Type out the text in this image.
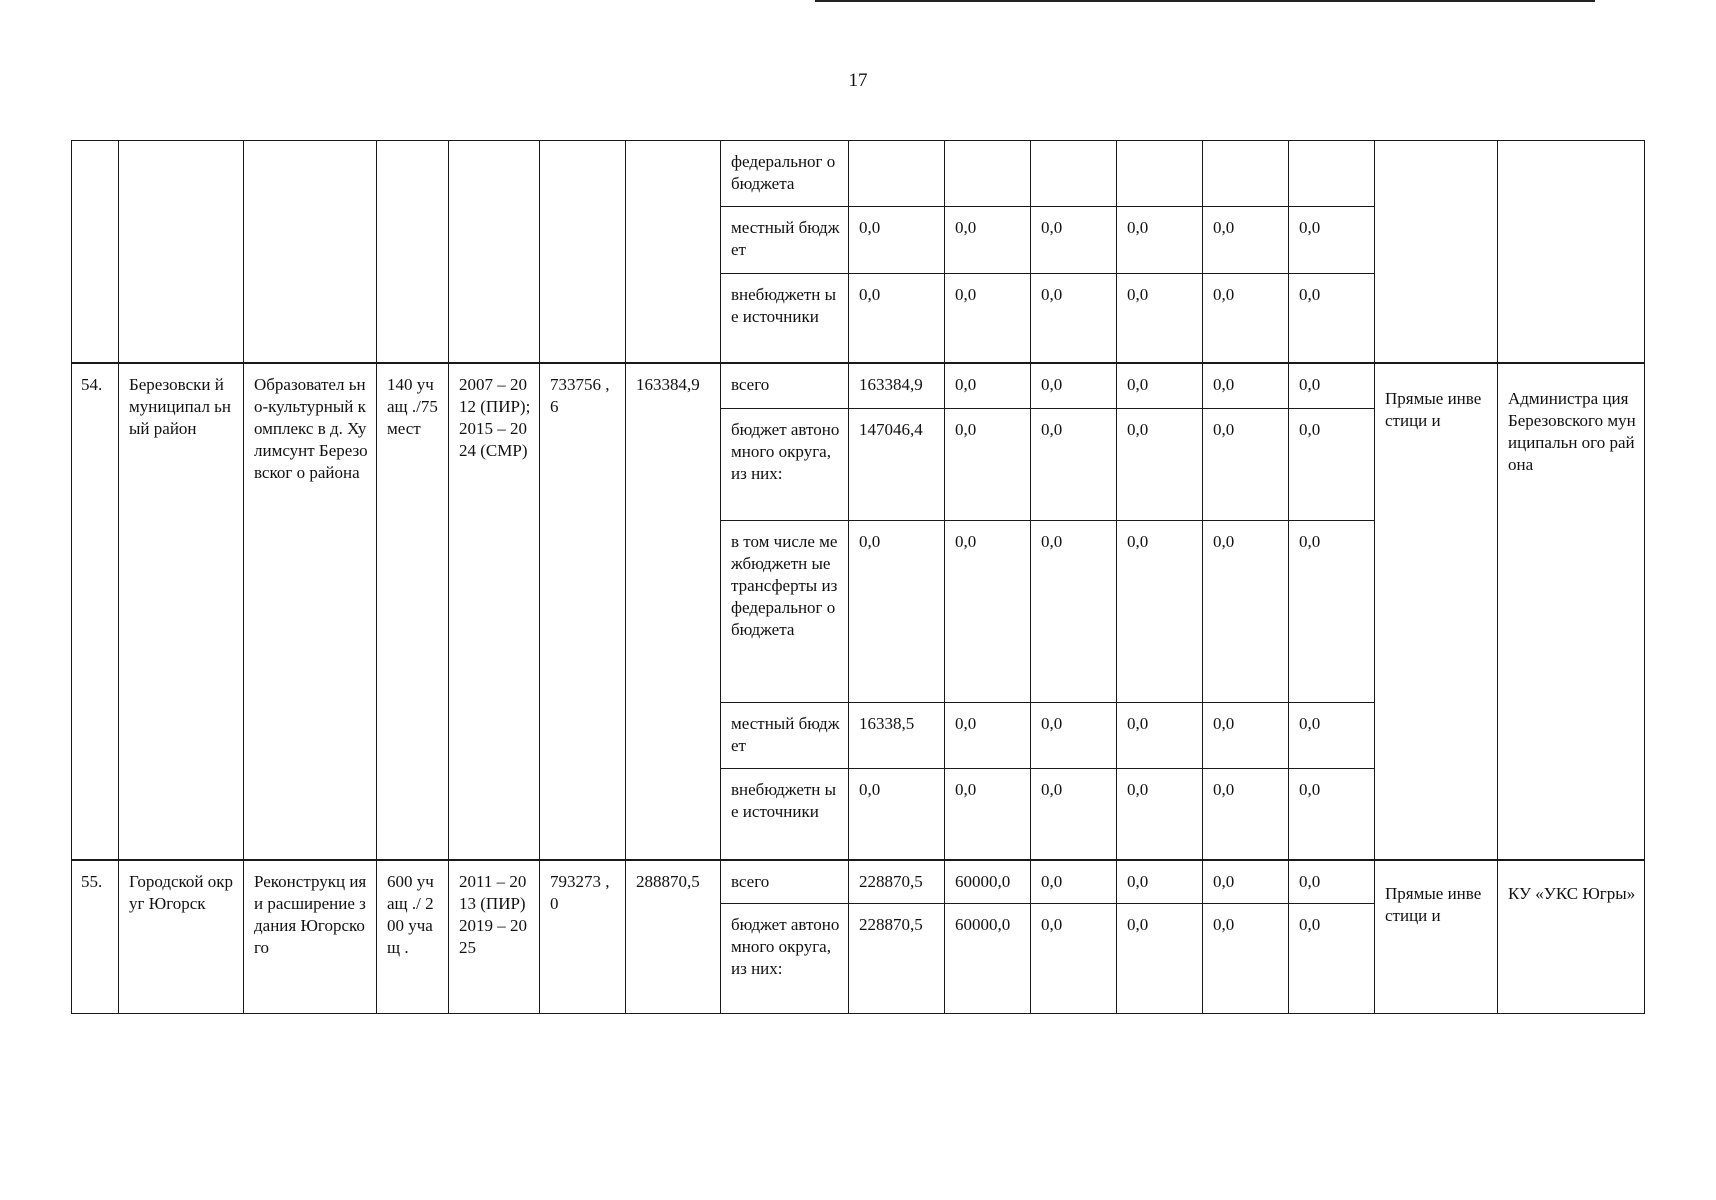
17
							федеральног о бюджета								
							местный бюджет	0,0	0,0	0,0	0,0	0,0	0,0		
							внебюджетн ые источники	0,0	0,0	0,0	0,0	0,0	0,0		
54.	Березовски й муниципал ьный район	Образовател ьно-культурный комплекс в д. Хулимсунт Березовског о района	140 учащ ./75 мест	2007 – 2012 (ПИР); 2015 – 2024 (СМР)	733756 ,6	163384,9	всего	163384,9	0,0	0,0	0,0	0,0	0,0	Прямые инвестици и	Администра ция Березовского муниципальн ого района
							бюджет автономного округа, из них:	147046,4	0,0	0,0	0,0	0,0	0,0		
							в том числе межбюджетн ые трансферты из федеральног о бюджета	0,0	0,0	0,0	0,0	0,0	0,0		
							местный бюджет	16338,5	0,0	0,0	0,0	0,0	0,0		
							внебюджетн ые источники	0,0	0,0	0,0	0,0	0,0	0,0		
55.	Городской округ Югорск	Реконструкц ия и расширение здания Югорского	600 учащ ./ 200 учащ .	2011 – 2013 (ПИР) 2019 – 2025	793273 ,0	288870,5	всего	228870,5	60000,0	0,0	0,0	0,0	0,0	Прямые инвестици и	КУ «УКС Югры»
							бюджет автономного округа, из них:	228870,5	60000,0	0,0	0,0	0,0	0,0		
